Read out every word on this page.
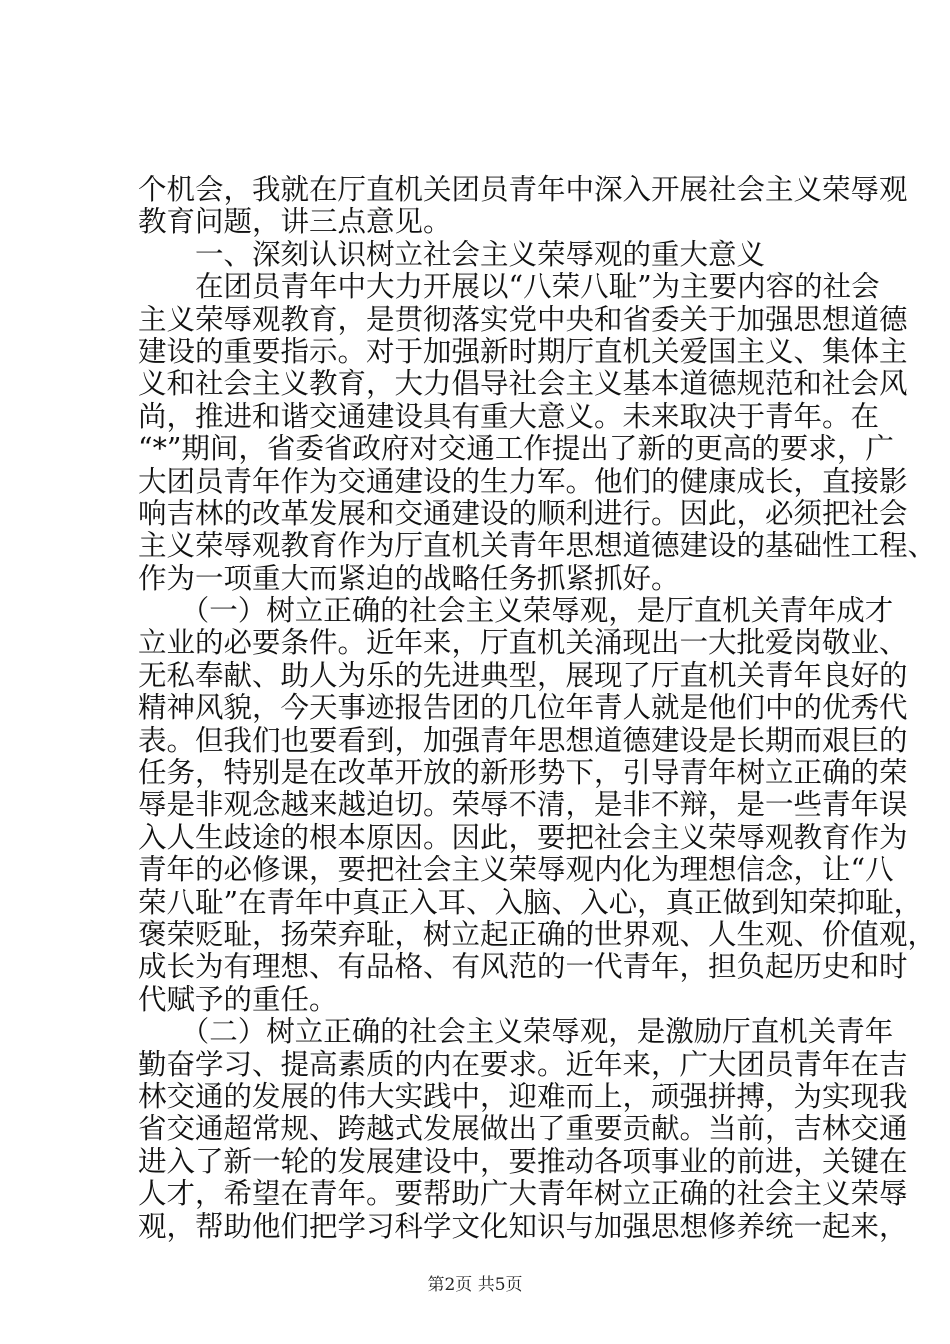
个机会，我就在厅直机关团员青年中深入开展社会主义荣辱观
教育问题，讲三点意见。
　　一、深刻认识树立社会主义荣辱观的重大意义
　　在团员青年中大力开展以“八荣八耻”为主要内容的社会
主义荣辱观教育，是贯彻落实党中央和省委关于加强思想道德
建设的重要指示。对于加强新时期厅直机关爱国主义、集体主
义和社会主义教育，大力倡导社会主义基本道德规范和社会风
尚，推进和谐交通建设具有重大意义。未来取决于青年。在
“*”期间，省委省政府对交通工作提出了新的更高的要求，广
大团员青年作为交通建设的生力军。他们的健康成长，直接影
响吉林的改革发展和交通建设的顺利进行。因此，必须把社会
主义荣辱观教育作为厅直机关青年思想道德建设的基础性工程、
作为一项重大而紧迫的战略任务抓紧抓好。
　　（一）树立正确的社会主义荣辱观，是厅直机关青年成才
立业的必要条件。近年来，厅直机关涌现出一大批爱岗敬业、
无私奉献、助人为乐的先进典型，展现了厅直机关青年良好的
精神风貌，今天事迹报告团的几位年青人就是他们中的优秀代
表。但我们也要看到，加强青年思想道德建设是长期而艰巨的
任务，特别是在改革开放的新形势下，引导青年树立正确的荣
辱是非观念越来越迫切。荣辱不清，是非不辩，是一些青年误
入人生歧途的根本原因。因此，要把社会主义荣辱观教育作为
青年的必修课，要把社会主义荣辱观内化为理想信念，让“八
荣八耻”在青年中真正入耳、入脑、入心，真正做到知荣抑耻，
褒荣贬耻，扬荣弃耻，树立起正确的世界观、人生观、价值观，
成长为有理想、有品格、有风范的一代青年，担负起历史和时
代赋予的重任。
　　（二）树立正确的社会主义荣辱观，是激励厅直机关青年
勤奋学习、提高素质的内在要求。近年来，广大团员青年在吉
林交通的发展的伟大实践中，迎难而上，顽强拼搏，为实现我
省交通超常规、跨越式发展做出了重要贡献。当前，吉林交通
进入了新一轮的发展建设中，要推动各项事业的前进，关键在
人才，希望在青年。要帮助广大青年树立正确的社会主义荣辱
观，帮助他们把学习科学文化知识与加强思想修养统一起来，
第2页 共5页
